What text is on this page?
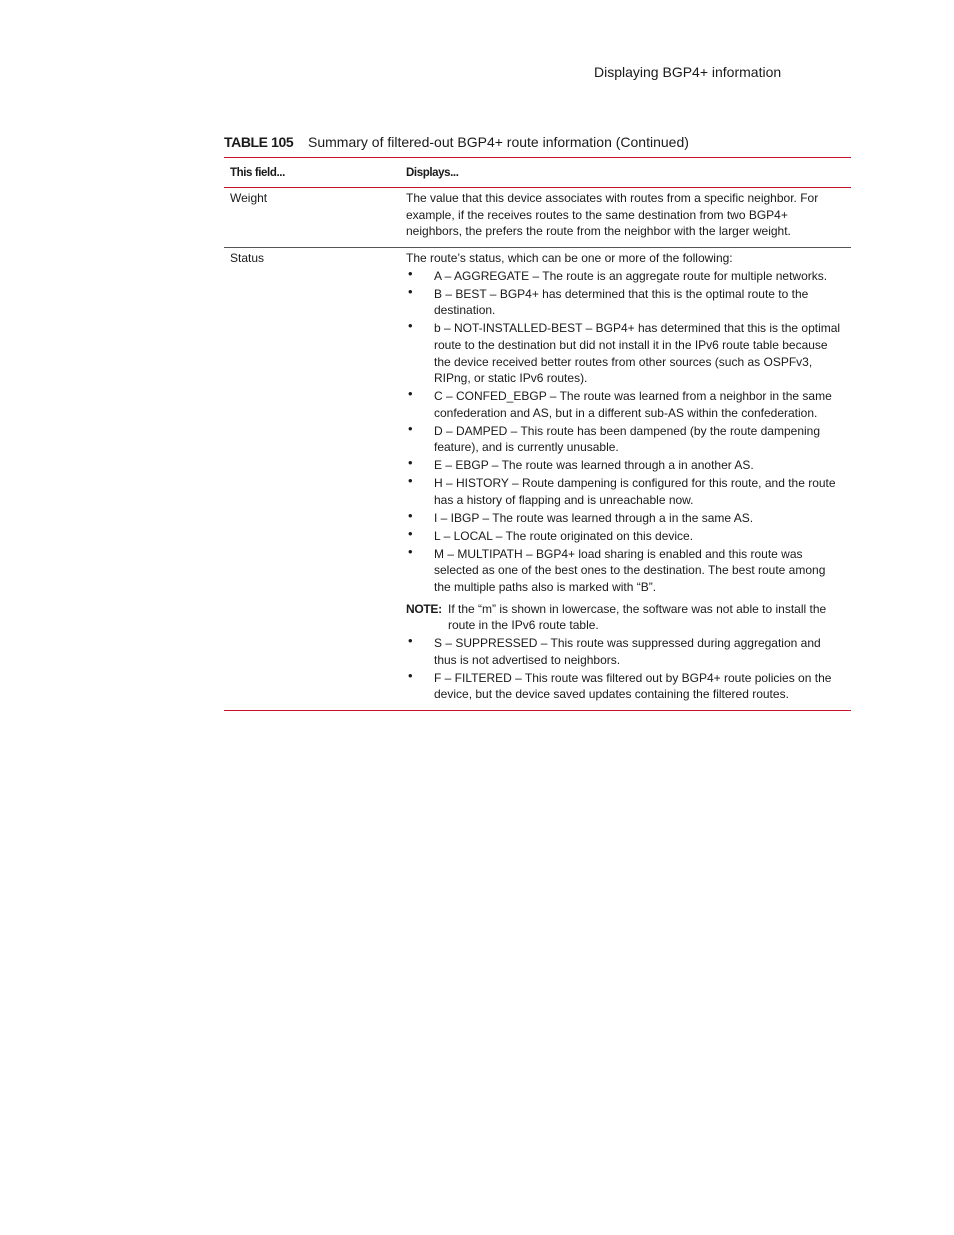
Displaying BGP4+ information
TABLE 105 Summary of filtered-out BGP4+ route information (Continued)
This field...	Displays...
Weight	The value that this device associates with routes from a specific neighbor. For example, if the receives routes to the same destination from two BGP4+ neighbors, the prefers the route from the neighbor with the larger weight.

Status	The route’s status, which can be one or more of the following:

• A – AGGREGATE – The route is an aggregate route for multiple networks.
• B – BEST – BGP4+ has determined that this is the optimal route to the destination.
• b – NOT-INSTALLED-BEST – BGP4+ has determined that this is the optimal route to the destination but did not install it in the IPv6 route table because the device received better routes from other sources (such as OSPFv3, RIPng, or static IPv6 routes).
• C – CONFED_EBGP – The route was learned from a neighbor in the same confederation and AS, but in a different sub-AS within the confederation.
• D – DAMPED – This route has been dampened (by the route dampening feature), and is currently unusable.
• E – EBGP – The route was learned through a in another AS.
• H – HISTORY – Route dampening is configured for this route, and the route has a history of flapping and is unreachable now.
• I – IBGP – The route was learned through a in the same AS.
• L – LOCAL – The route originated on this device.
• M – MULTIPATH – BGP4+ load sharing is enabled and this route was selected as one of the best ones to the destination. The best route among the multiple paths also is marked with “B”.
NOTE: If the “m” is shown in lowercase, the software was not able to install the route in the IPv6 route table.
• S – SUPPRESSED – This route was suppressed during aggregation and thus is not advertised to neighbors.
• F – FILTERED – This route was filtered out by BGP4+ route policies on the device, but the device saved updates containing the filtered routes.
